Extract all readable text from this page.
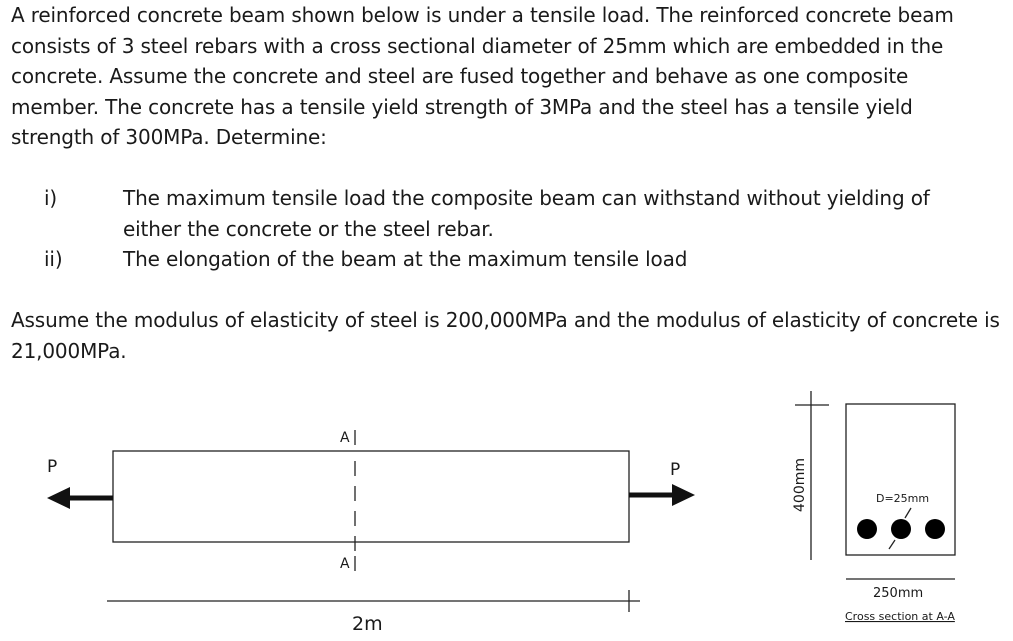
A reinforced concrete beam shown below is under a tensile load. The reinforced concrete beam consists of 3 steel rebars with a cross sectional diameter of 25mm which are embedded in the concrete. Assume the concrete and steel are fused together and behave as one composite member. The concrete has a tensile yield strength of 3MPa and the steel has a tensile yield strength of 300MPa. Determine:

i)	The maximum tensile load the composite beam can withstand without yielding of either the concrete or the steel rebar.
ii)	The elongation of the beam at the maximum tensile load

Assume the modulus of elasticity of steel is 200,000MPa and the modulus of elasticity of concrete is 21,000MPa.

P	P
A
A
2m
400mm	D=25mm
250mm
Cross section at A-A
